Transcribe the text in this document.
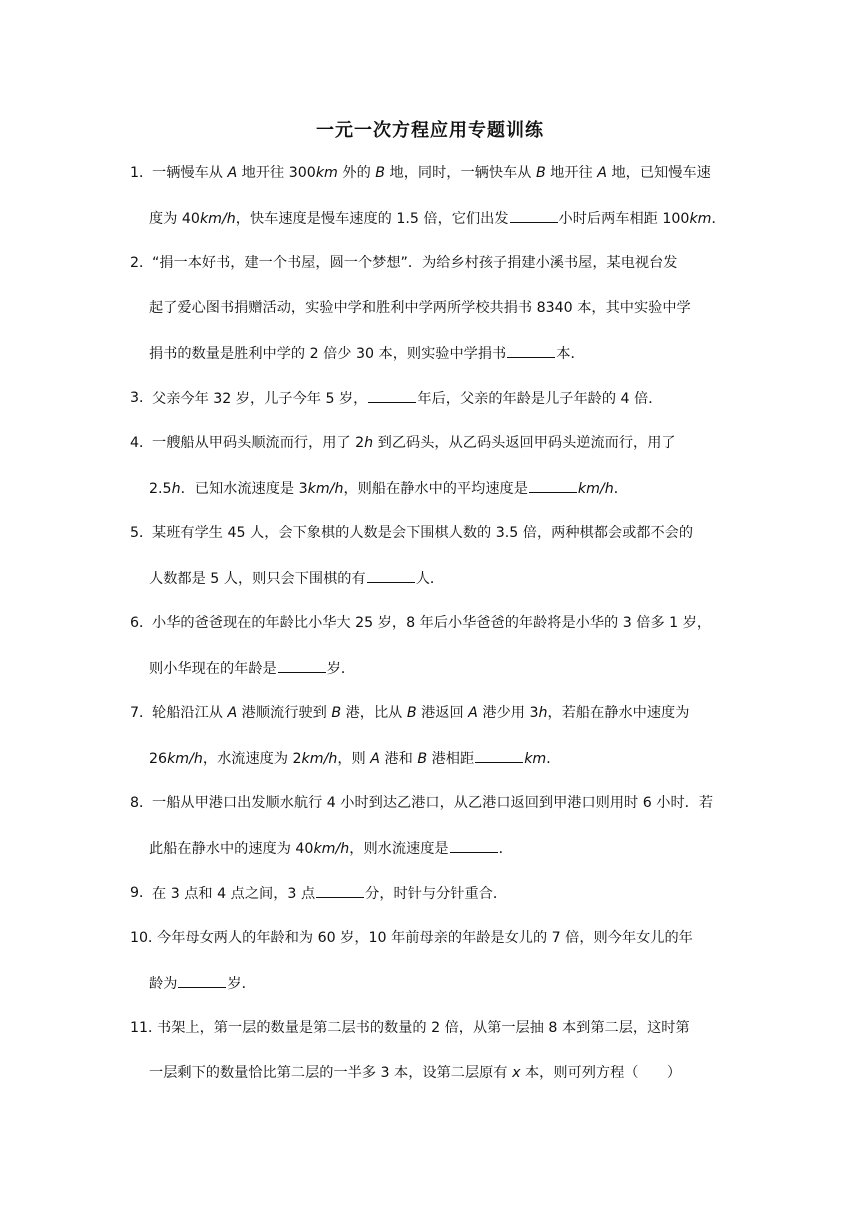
一元一次方程应用专题训练
1．
一辆慢车从 A 地开往 300km 外的 B 地，同时，一辆快车从 B 地开往 A 地，已知慢车速
度为 40km/h，快车速度是慢车速度的 1.5 倍，它们出发	小时后两车相距 100km．
2．
“捐一本好书，建一个书屋，圆一个梦想”．为给乡村孩子捐建小溪书屋，某电视台发
起了爱心图书捐赠活动，实验中学和胜利中学两所学校共捐书 8340 本，其中实验中学
捐书的数量是胜利中学的 2 倍少 30 本，则实验中学捐书	本．
3．
父亲今年 32 岁，儿子今年 5 岁，	年后，父亲的年龄是儿子年龄的 4 倍．
4．
一艘船从甲码头顺流而行，用了 2h 到乙码头，从乙码头返回甲码头逆流而行，用了
2.5h．已知水流速度是 3km/h，则船在静水中的平均速度是	km/h．
5．
某班有学生 45 人，会下象棋的人数是会下围棋人数的 3.5 倍，两种棋都会或都不会的
人数都是 5 人，则只会下围棋的有	人．
6．
小华的爸爸现在的年龄比小华大 25 岁，8 年后小华爸爸的年龄将是小华的 3 倍多 1 岁，
则小华现在的年龄是	岁．
7．
轮船沿江从 A 港顺流行驶到 B 港，比从 B 港返回 A 港少用 3h，若船在静水中速度为
26km/h，水流速度为 2km/h，则 A 港和 B 港相距	km．
8．
一船从甲港口出发顺水航行 4 小时到达乙港口，从乙港口返回到甲港口则用时 6 小时．若
此船在静水中的速度为 40km/h，则水流速度是	．
9．
在 3 点和 4 点之间，3 点	分，时针与分针重合．
10．
今年母女两人的年龄和为 60 岁，10 年前母亲的年龄是女儿的 7 倍，则今年女儿的年
龄为	岁．
11．
书架上，第一层的数量是第二层书的数量的 2 倍，从第一层抽 8 本到第二层，这时第
一层剩下的数量恰比第二层的一半多 3 本，设第二层原有 x 本，则可列方程（　　）
